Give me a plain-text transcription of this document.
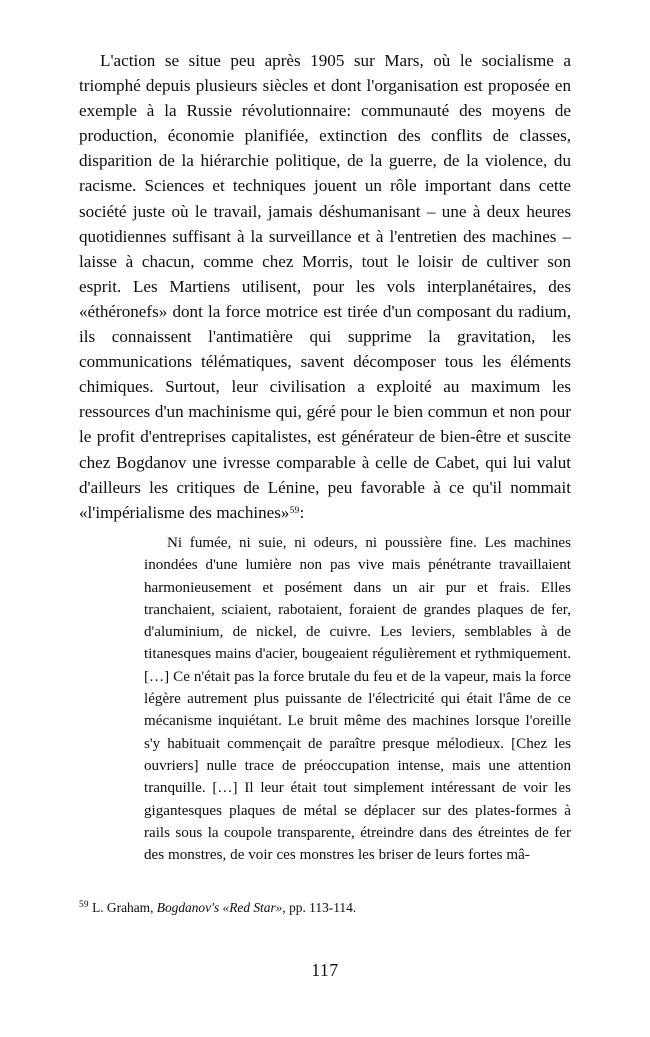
L'action se situe peu après 1905 sur Mars, où le socialisme a triomphé depuis plusieurs siècles et dont l'organisation est proposée en exemple à la Russie révolutionnaire: communauté des moyens de production, économie planifiée, extinction des conflits de classes, disparition de la hiérarchie politique, de la guerre, de la violence, du racisme. Sciences et techniques jouent un rôle important dans cette société juste où le travail, jamais déshumanisant – une à deux heures quotidiennes suffisant à la surveillance et à l'entretien des machines – laisse à chacun, comme chez Morris, tout le loisir de cultiver son esprit. Les Martiens utilisent, pour les vols interplanétaires, des «éthéronefs» dont la force motrice est tirée d'un composant du radium, ils connaissent l'antimatière qui supprime la gravitation, les communications télématiques, savent décomposer tous les éléments chimiques. Surtout, leur civilisation a exploité au maximum les ressources d'un machinisme qui, géré pour le bien commun et non pour le profit d'entreprises capitalistes, est générateur de bien-être et suscite chez Bogdanov une ivresse comparable à celle de Cabet, qui lui valut d'ailleurs les critiques de Lénine, peu favorable à ce qu'il nommait «l'impérialisme des machines»$^{59}$:

Ni fumée, ni suie, ni odeurs, ni poussière fine. Les machines inondées d'une lumière non pas vive mais pénétrante travaillaient harmonieusement et posément dans un air pur et frais. Elles tranchaient, sciaient, rabotaient, foraient de grandes plaques de fer, d'aluminium, de nickel, de cuivre. Les leviers, semblables à de titanesques mains d'acier, bougeaient régulièrement et rythmiquement. […] Ce n'était pas la force brutale du feu et de la vapeur, mais la force légère autrement plus puissante de l'électricité qui était l'âme de ce mécanisme inquiétant. Le bruit même des machines lorsque l'oreille s'y habituait commençait de paraître presque mélodieux. [Chez les ouvriers] nulle trace de préoccupation intense, mais une attention tranquille. […] Il leur était tout simplement intéressant de voir les gigantesques plaques de métal se déplacer sur des plates-formes à rails sous la coupole transparente, étreindre dans des étreintes de fer des monstres, de voir ces monstres les briser de leurs fortes mâ-

$^{59}$ L. Graham, Bogdanov's «Red Star», pp. 113-114.
117
